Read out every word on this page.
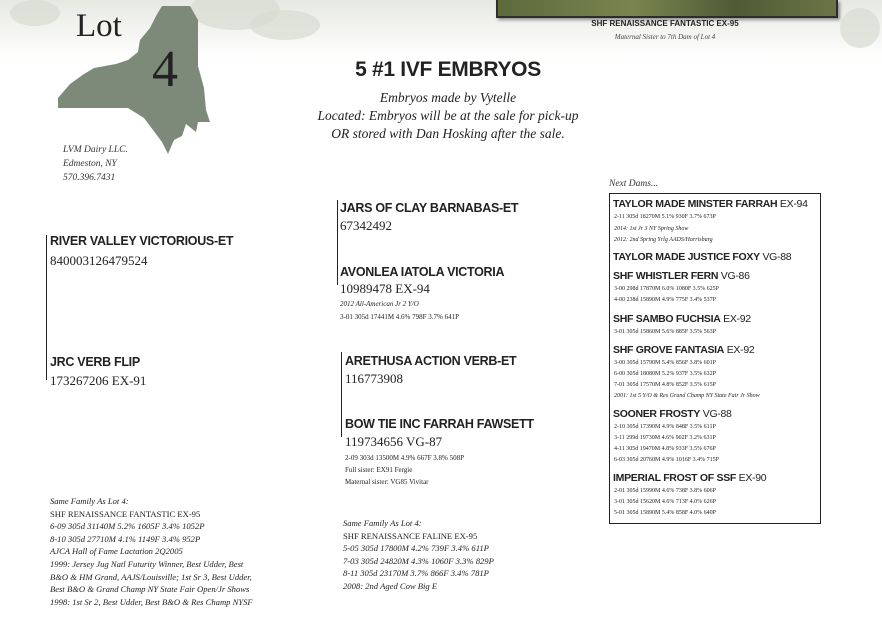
SHF RENAISSANCE FANTASTIC EX-95
Maternal Sister to 7th Dam of Lot 4
Lot
4	5 #1 IVF EMBRYOS
Embryos made by Vytelle
Located: Embryos will be at the sale for pick-up
OR stored with Dan Hosking after the sale.
LVM Dairy LLC.
Edmeston, NY
570.396.7431
RIVER VALLEY VICTORIOUS-ET
840003126479524
JARS OF CLAY BARNABAS-ET
67342492
AVONLEA IATOLA VICTORIA
10989478 EX-94
2012 All-American Jr 2 Y/O
3-01 305d 17441M 4.6% 798F 3.7% 641P
JRC VERB FLIP
173267206 EX-91
ARETHUSA ACTION VERB-ET
116773908
BOW TIE INC FARRAH FAWSETT
119734656 VG-87
2-09 303d 13500M 4.9% 667F 3.8% 508P
Full sister: EX91 Fergie
Maternal sister: VG85 Vivitar
Same Family As Lot 4:
SHF RENAISSANCE FANTASTIC EX-95
6-09 305d 31140M 5.2% 1605F 3.4% 1052P
8-10 305d 27710M 4.1% 1149F 3.4% 952P
AJCA Hall of Fame Lactation 2Q2005
1999: Jersey Jug Natl Futurity Winner, Best Udder, Best
B&O & HM Grand, AAJS/Louisville; 1st Sr 3, Best Udder,
Best B&O & Grand Champ NY State Fair Open/Jr Shows
1998: 1st Sr 2, Best Udder, Best B&O & Res Champ NYSF
Same Family As Lot 4:
SHF RENAISSANCE FALINE EX-95
5-05 305d 17800M 4.2% 739F 3.4% 611P
7-03 305d 24820M 4.3% 1060F 3.3% 829P
8-11 305d 23170M 3.7% 866F 3.4% 781P
2008: 2nd Aged Cow Big E
Next Dams...
TAYLOR MADE MINSTER FARRAH EX-94
2-11 305d 18270M 5.1% 930F 3.7% 673P
2014: 1st Jr 3 NY Spring Show
2012: 2nd Spring Yrlg AADS/Harrisburg
TAYLOR MADE JUSTICE FOXY VG-88
SHF WHISTLER FERN VG-86
3-00 298d 17870M 6.0% 1080F 3.5% 625P
4-00 238d 15890M 4.9% 775F 3.4% 537P
SHF SAMBO FUCHSIA EX-92
3-01 305d 15860M 5.6% 885F 3.5% 563P
SHF GROVE FANTASIA EX-92
3-00 305d 15790M 5.4% 856F 3.8% 601P
6-00 305d 18080M 5.2% 937F 3.5% 632P
7-01 305d 17570M 4.8% 852F 3.5% 615P
2001: 1st 5 Y/O & Res Grand Champ NY State Fair Jr Show
SOONER FROSTY VG-88
2-10 305d 17390M 4.9% 848F 3.5% 611P
3-11 299d 19730M 4.6% 902F 3.2% 631P
4-11 305d 19470M 4.8% 933F 3.5% 676P
6-03 305d 20760M 4.9% 1016F 3.4% 715P
IMPERIAL FROST OF SSF EX-90
2-01 305d 15990M 4.6% 738F 3.8% 606P
3-01 305d 15620M 4.6% 713F 4.0% 626P
5-01 305d 15890M 5.4% 858F 4.0% 640P
